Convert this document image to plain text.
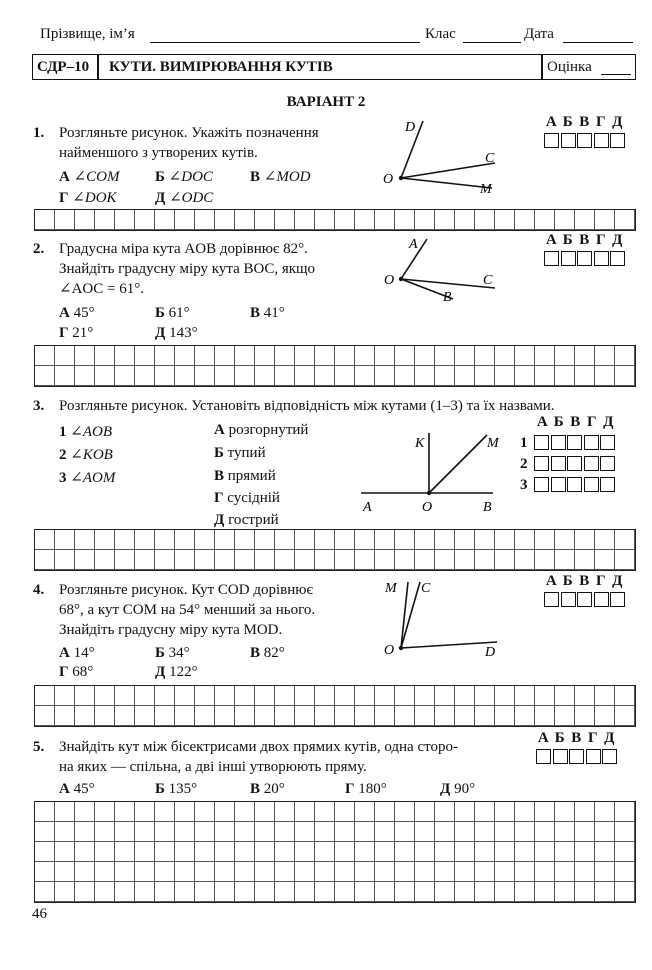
Прізвище, ім’я	Клас	Дата
СДР–10 КУТИ. ВИМІРЮВАННЯ КУТІВ	Оцінка
ВАРІАНТ 2
1. Розгляньте рисунок. Укажіть позначення
найменшого з утворених кутів.
А ∠COM Б ∠DOC В ∠MOD
Г ∠DOK	Д ∠ODC
D
C
O
M
А Б В Г Д
2. Градусна міра кута AOB дорівнює 82°.
Знайдіть градусну міру кута BOC, якщо
∠AOC = 61°.
А 45°	Б 61°	В 41°
Г 21°	Д 143°
A
O	C
B
А Б В Г Д
3. Розгляньте рисунок. Установіть відповідність між кутами (1–3) та їх назвами.
1 ∠AOB
2 ∠KOB
3 ∠AOM
А розгорнутий
Б тупий
В прямий
Г сусідній
Д гострий
K	M
A	O	B
А Б В Г Д
1
2
3
4. Розгляньте рисунок. Кут COD дорівнює
68°, а кут COM на 54° менший за нього.
Знайдіть градусну міру кута MOD.
А 14°	Б 34°	В 82°
Г 68°	Д 122°
M C
O	D
А Б В Г Д
5. Знайдіть кут між бісектрисами двох прямих кутів, одна сторо-
на яких — спільна, а дві інші утворюють пряму.
А Б В Г Д
А 45°	Б 135°	В 20°	Г 180°	Д 90°
46
